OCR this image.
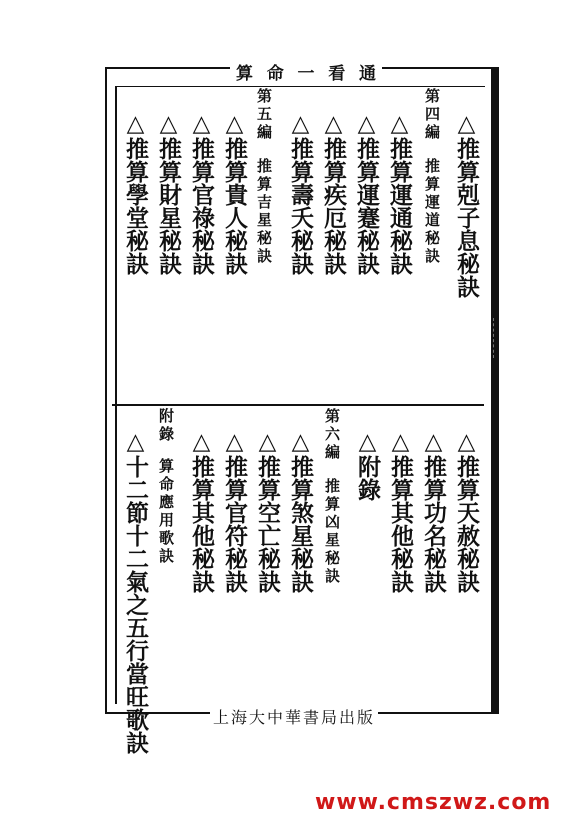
算 命 一 看 通
△推算剋子息秘訣
第四編推算運道秘訣
△推算運通秘訣
△推算運蹇秘訣
△推算疾厄秘訣
△推算壽夭秘訣
第五編推算吉星秘訣
△推算貴人秘訣
△推算官祿秘訣
△推算財星秘訣
△推算學堂秘訣
△推算天赦秘訣
△推算功名秘訣
△推算其他秘訣
△附錄
第六編推算凶星秘訣
△推算煞星秘訣
△推算空亡秘訣
△推算官符秘訣
△推算其他秘訣
附錄算命應用歌訣
△十二節十二氣之五行當旺歌訣	上海大中華書局出版
www.cmszwz.com
